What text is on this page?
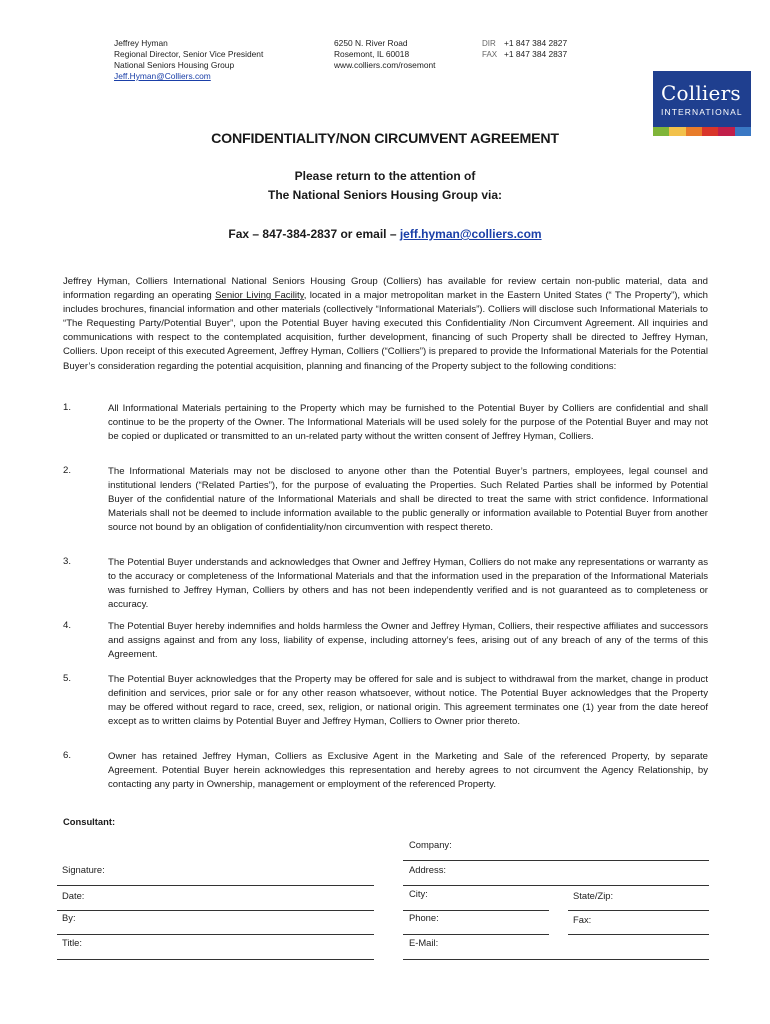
Jeffrey Hyman
Regional Director, Senior Vice President
National Seniors Housing Group
Jeff.Hyman@Colliers.com
6250 N. River Road
Rosemont, IL 60018
www.colliers.com/rosemont
DIR +1 847 384 2827
FAX +1 847 384 2837
Colliers
INTERNATIONAL
CONFIDENTIALITY/NON CIRCUMVENT AGREEMENT
Please return to the attention of
The National Seniors Housing Group via:
Fax – 847-384-2837 or email – jeff.hyman@colliers.com
Jeffrey Hyman, Colliers International National Seniors Housing Group (Colliers) has available for review certain non-public material, data and information regarding an operating Senior Living Facility, located in a major metropolitan market in the Eastern United States (“ The Property”), which includes brochures, financial information and other materials (collectively “Informational Materials”). Colliers will disclose such Informational Materials to “The Requesting Party/Potential Buyer”, upon the Potential Buyer having executed this Confidentiality /Non Circumvent Agreement. All inquiries and communications with respect to the contemplated acquisition, further development, financing of such Property shall be directed to Jeffrey Hyman, Colliers. Upon receipt of this executed Agreement, Jeffrey Hyman, Colliers (“Colliers”) is prepared to provide the Informational Materials for the Potential Buyer’s consideration regarding the potential acquisition, planning and financing of the Property subject to the following conditions:
1.	All Informational Materials pertaining to the Property which may be furnished to the Potential Buyer by Colliers are confidential and shall continue to be the property of the Owner. The Informational Materials will be used solely for the purpose of the Potential Buyer and may not be copied or duplicated or transmitted to an un-related party without the written consent of Jeffrey Hyman, Colliers.
2.	The Informational Materials may not be disclosed to anyone other than the Potential Buyer’s partners, employees, legal counsel and institutional lenders (“Related Parties”), for the purpose of evaluating the Properties. Such Related Parties shall be informed by Potential Buyer of the confidential nature of the Informational Materials and shall be directed to treat the same with strict confidence. Informational Materials shall not be deemed to include information available to the public generally or information available to Potential Buyer from another source not bound by an obligation of confidentiality/non circumvention with respect thereto.
3.	The Potential Buyer understands and acknowledges that Owner and Jeffrey Hyman, Colliers do not make any representations or warranty as to the accuracy or completeness of the Informational Materials and that the information used in the preparation of the Informational Materials was furnished to Jeffrey Hyman, Colliers by others and has not been independently verified and is not guaranteed as to completeness or accuracy.
4.	The Potential Buyer hereby indemnifies and holds harmless the Owner and Jeffrey Hyman, Colliers, their respective affiliates and successors and assigns against and from any loss, liability of expense, including attorney’s fees, arising out of any breach of any of the terms of this Agreement.
5.	The Potential Buyer acknowledges that the Property may be offered for sale and is subject to withdrawal from the market, change in product definition and services, prior sale or for any other reason whatsoever, without notice. The Potential Buyer acknowledges that the Property may be offered without regard to race, creed, sex, religion, or national origin. This agreement terminates one (1) year from the date hereof except as to written claims by Potential Buyer and Jeffrey Hyman, Colliers to Owner prior thereto.
6.	Owner has retained Jeffrey Hyman, Colliers as Exclusive Agent in the Marketing and Sale of the referenced Property, by separate Agreement. Potential Buyer herein acknowledges this representation and hereby agrees to not circumvent the Agency Relationship, by contacting any party in Ownership, management or employment of the referenced Property.
Consultant:
Company:
Signature:	Address:
Date:	City:	State/Zip:
By:	Phone:	Fax:
Title:	E-Mail:
